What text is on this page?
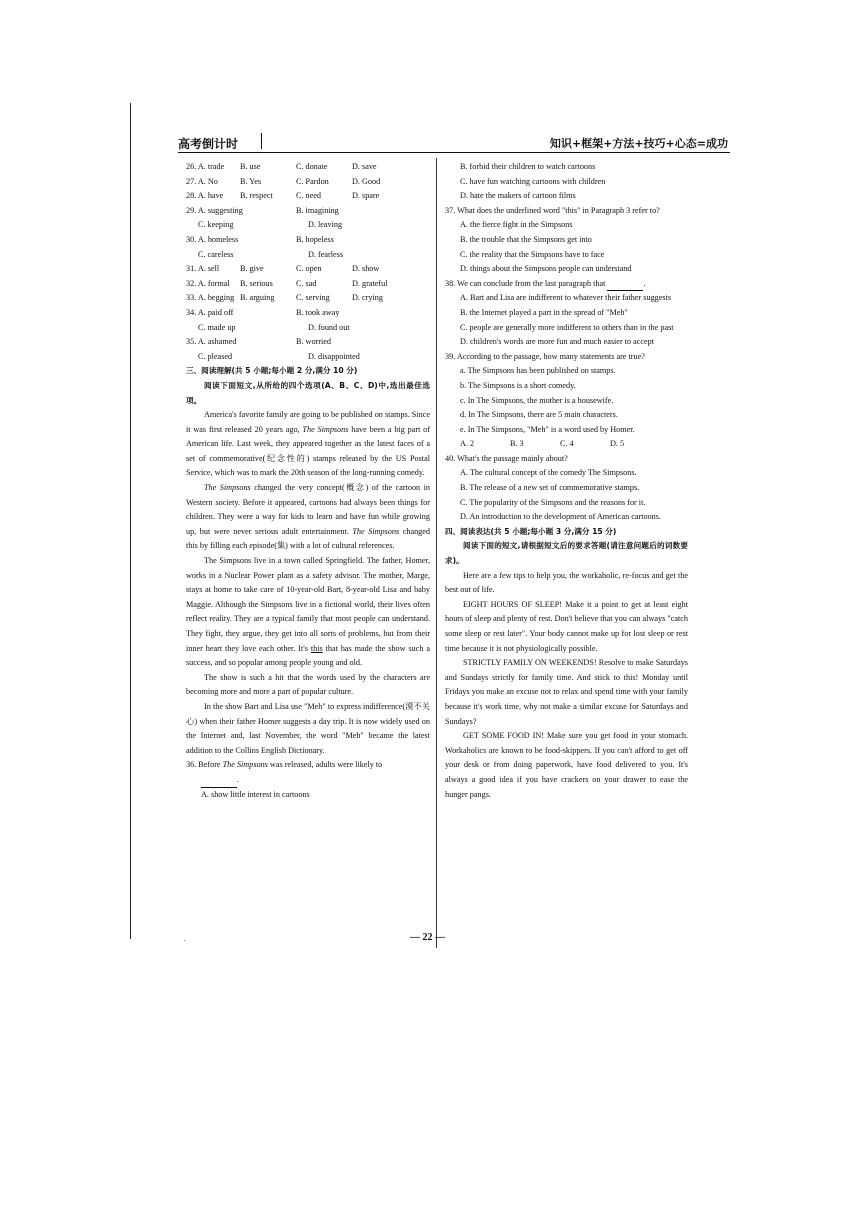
高考倒计时	知识+框架+方法+技巧+心态=成功
26. A. trade	B. use	C. donate	D. save
27. A. No	B. Yes	C. Pardon	D. Good
28. A. have	B. respect	C. need	D. spare
29. A. suggesting	B. imagining
C. keeping	D. leaving
30. A. homeless	B. hopeless
C. careless	D. fearless
31. A. sell	B. give	C. open	D. show
32. A. formal	B. serious	C. sad	D. grateful
33. A. begging B. arguing	C. serving	D. crying
34. A. paid off	B. took away
C. made up	D. found out
35. A. ashamed	B. worried
C. pleased	D. disappointed
三、阅读理解(共 5 小题;每小题 2 分,满分 10 分)

阅读下面短文,从所给的四个选项(A、B、C、D)中,选出最佳选项。

America's favorite family are going to be published on stamps. Since it was first released 20 years ago, The Simpsons have been a big part of American life. Last week, they appeared together as the latest faces of a set of commemorative(纪念性的) stamps released by the US Postal Service, which was to mark the 20th season of the long-running comedy.

The Simpsons changed the very concept(概念) of the cartoon in Western society. Before it appeared, cartoons had always been things for children. They were a way for kids to learn and have fun while growing up, but were never serious adult entertainment. The Simpsons changed this by filling each episode(集) with a lot of cultural references.

The Simpsons live in a town called Springfield. The father, Homer, works in a Nuclear Power plant as a safety advisor. The mother, Marge, stays at home to take care of 10-year-old Bart, 8-year-old Lisa and baby Maggie. Although the Simpsons live in a fictional world, their lives often reflect reality. They are a typical family that most people can understand. They fight, they argue, they get into all sorts of problems, but from their inner heart they love each other. It's this that has made the show such a success, and so popular among people young and old.

The show is such a hit that the words used by the characters are becoming more and more a part of popular culture.

In the show Bart and Lisa use "Meh" to express indifference(漠不关心) when their father Homer suggests a day trip. It is now widely used on the Internet and, last November, the word "Meh" became the latest addition to the Collins English Dictionary.

36. Before The Simpsons was released, adults were likely to

.
A. show little interest in cartoons
B. forbid their children to watch cartoons
C. have fun watching cartoons with children
D. hate the makers of cartoon films

37. What does the underlined word "this" in Paragraph 3 refer to?

A. the fierce fight in the Simpsons
B. the trouble that the Simpsons get into
C. the reality that the Simpsons have to face
D. things about the Simpsons people can understand

38. We can conclude from the last paragraph that	.

A. Bart and Lisa are indifferent to whatever their father suggests
B. the Internet played a part in the spread of "Meh"
C. people are generally more indifferent to others than in the past
D. children's words are more fun and much easier to accept

39. According to the passage, how many statements are true?

a. The Simpsons has been published on stamps.
b. The Simpsons is a short comedy.
c. In The Simpsons, the mother is a housewife.
d. In The Simpsons, there are 5 main characters.
e. In The Simpsons, "Meh" is a word used by Homer.
A. 2	B. 3	C. 4	D. 5

40. What's the passage mainly about?

A. The cultural concept of the comedy The Simpsons.
B. The release of a new set of commemorative stamps.
C. The popularity of the Simpsons and the reasons for it.
D. An introduction to the development of American cartoons.
四、阅读表达(共 5 小题;每小题 3 分,满分 15 分)

阅读下面的短文,请根据短文后的要求答题(请注意问题后的词数要求)。

Here are a few tips to help you, the workaholic, re-focus and get the best out of life.

EIGHT HOURS OF SLEEP! Make it a point to get at least eight hours of sleep and plenty of rest. Don't believe that you can always "catch some sleep or rest later". Your body cannot make up for lost sleep or rest time because it is not physiologically possible.

STRICTLY FAMILY ON WEEKENDS! Resolve to make Saturdays and Sundays strictly for family time. And stick to this! Monday until Fridays you make an excuse not to relax and spend time with your family because it's work time, why not make a similar excuse for Saturdays and Sundays?

GET SOME FOOD IN! Make sure you get food in your stomach. Workaholics are known to be food-skippers. If you can't afford to get off your desk or from doing paperwork, have food delivered to you. It's always a good idea if you have crackers on your drawer to ease the hunger pangs.

— 22 —
